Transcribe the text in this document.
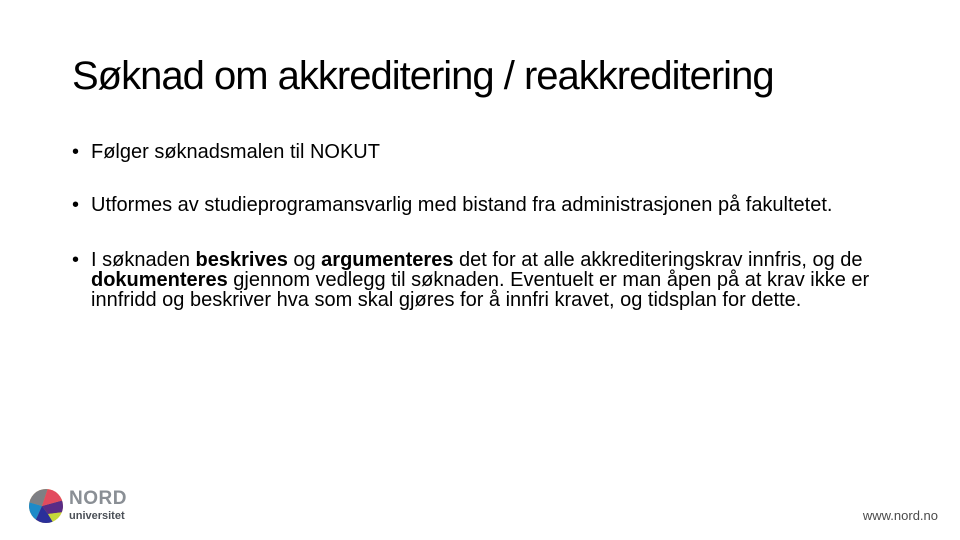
Søknad om akkreditering / reakkreditering

• Følger søknadsmalen til NOKUT

• Utformes av studieprogramansvarlig med bistand fra administrasjonen på fakultetet.

• I søknaden beskrives og argumenteres det for at alle akkrediteringskrav innfris, og de dokumenteres gjennom vedlegg til søknaden. Eventuelt er man åpen på at krav ikke er innfridd og beskriver hva som skal gjøres for å innfri kravet, og tidsplan for dette.

NORD
universitet	www.nord.no
